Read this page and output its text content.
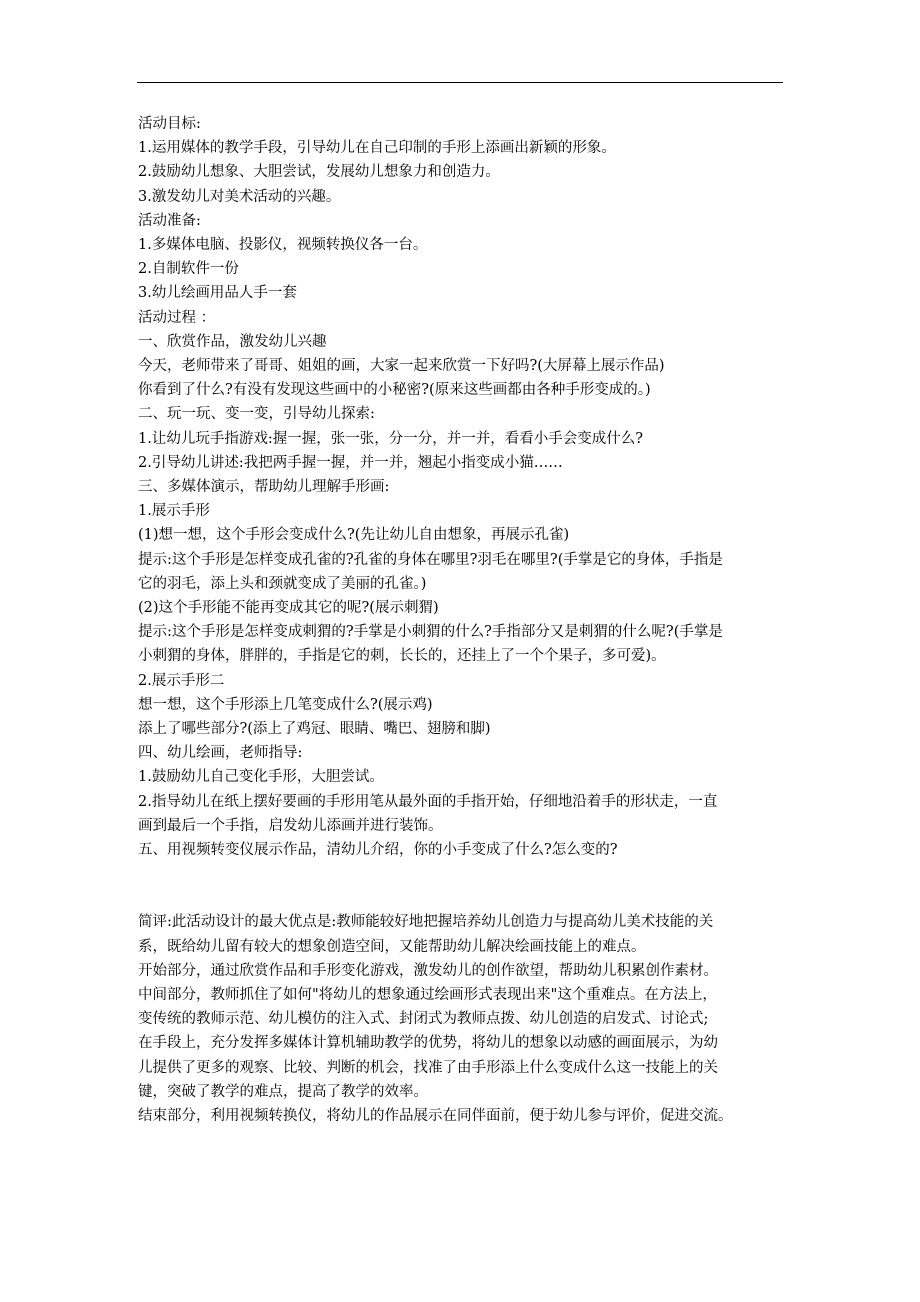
活动目标:
1.运用媒体的教学手段，引导幼儿在自己印制的手形上添画出新颖的形象。
2.鼓励幼儿想象、大胆尝试，发展幼儿想象力和创造力。
3.激发幼儿对美术活动的兴趣。
活动准备:
1.多媒体电脑、投影仪，视频转换仪各一台。
2.自制软件一份
3.幼儿绘画用品人手一套
活动过程 ：
一、欣赏作品，激发幼儿兴趣
今天，老师带来了哥哥、姐姐的画，大家一起来欣赏一下好吗?(大屏幕上展示作品)
你看到了什么?有没有发现这些画中的小秘密?(原来这些画都由各种手形变成的。)
二、玩一玩、变一变，引导幼儿探索:
1.让幼儿玩手指游戏:握一握，张一张，分一分，并一并，看看小手会变成什么?
2.引导幼儿讲述:我把两手握一握，并一并，翘起小指变成小猫……
三、多媒体演示，帮助幼儿理解手形画:
1.展示手形
(1)想一想，这个手形会变成什么?(先让幼儿自由想象，再展示孔雀)
提示:这个手形是怎样变成孔雀的?孔雀的身体在哪里?羽毛在哪里?(手掌是它的身体，手指是
它的羽毛，添上头和颈就变成了美丽的孔雀。)
(2)这个手形能不能再变成其它的呢?(展示刺猬)
提示:这个手形是怎样变成刺猬的?手掌是小刺猬的什么?手指部分又是刺猬的什么呢?(手掌是
小刺猬的身体，胖胖的，手指是它的刺，长长的，还挂上了一个个果子，多可爱)。
2.展示手形二
想一想，这个手形添上几笔变成什么?(展示鸡)
添上了哪些部分?(添上了鸡冠、眼睛、嘴巴、翅膀和脚)
四、幼儿绘画，老师指导:
1.鼓励幼儿自己变化手形，大胆尝试。
2.指导幼儿在纸上摆好要画的手形用笔从最外面的手指开始，仔细地沿着手的形状走，一直
画到最后一个手指，启发幼儿添画并进行装饰。
五、用视频转变仪展示作品，清幼儿介绍，你的小手变成了什么?怎么变的?
简评:此活动设计的最大优点是:教师能较好地把握培养幼儿创造力与提高幼儿美术技能的关
系，既给幼儿留有较大的想象创造空间，又能帮助幼儿解决绘画技能上的难点。
开始部分，通过欣赏作品和手形变化游戏，激发幼儿的创作欲望，帮助幼儿积累创作素材。
中间部分，教师抓住了如何"将幼儿的想象通过绘画形式表现出来"这个重难点。在方法上，
变传统的教师示范、幼儿模仿的注入式、封闭式为教师点拨、幼儿创造的启发式、讨论式;
在手段上，充分发挥多媒体计算机辅助教学的优势，将幼儿的想象以动感的画面展示，为幼
儿提供了更多的观察、比较、判断的机会，找准了由手形添上什么变成什么这一技能上的关
键，突破了教学的难点，提高了教学的效率。
结束部分，利用视频转换仪，将幼儿的作品展示在同伴面前，便于幼儿参与评价，促进交流。
